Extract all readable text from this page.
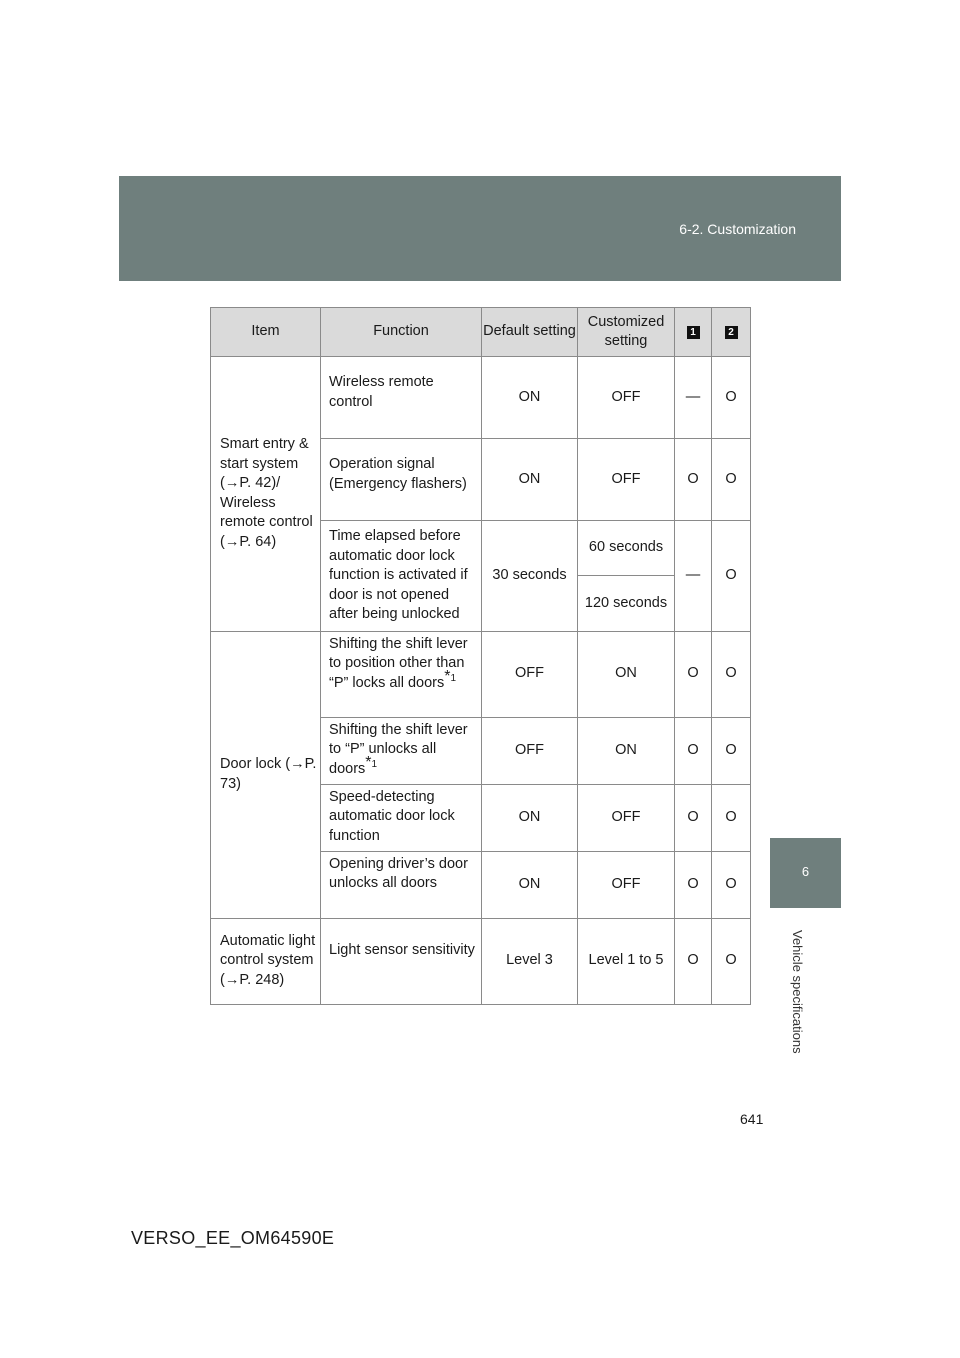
6-2. Customization
6
Vehicle specifications
Item	Function	Default setting	Customized setting	1	2
Smart entry & start system (→P. 42)/ Wireless remote control (→P. 64)	Wireless remote control	ON	OFF	—	O

	Operation signal (Emergency flashers)	ON	OFF	O	O

	Time elapsed before automatic door lock function is activated if door is not opened after being unlocked	30 seconds	60 seconds	—	O
			120 seconds		
Door lock (→P. 73)	Shifting the shift lever to position other than “P” locks all doors*$^1$	OFF	ON	O	O

	Shifting the shift lever to “P” unlocks all doors*$^1$	OFF	ON	O	O

	Speed-detecting automatic door lock function	ON	OFF	O	O

	Opening driver’s door unlocks all doors	ON	OFF	O	O
Automatic light control system (→P. 248)	Light sensor sensitivity	Level 3	Level 1 to 5	O	O
641
VERSO_EE_OM64590E
